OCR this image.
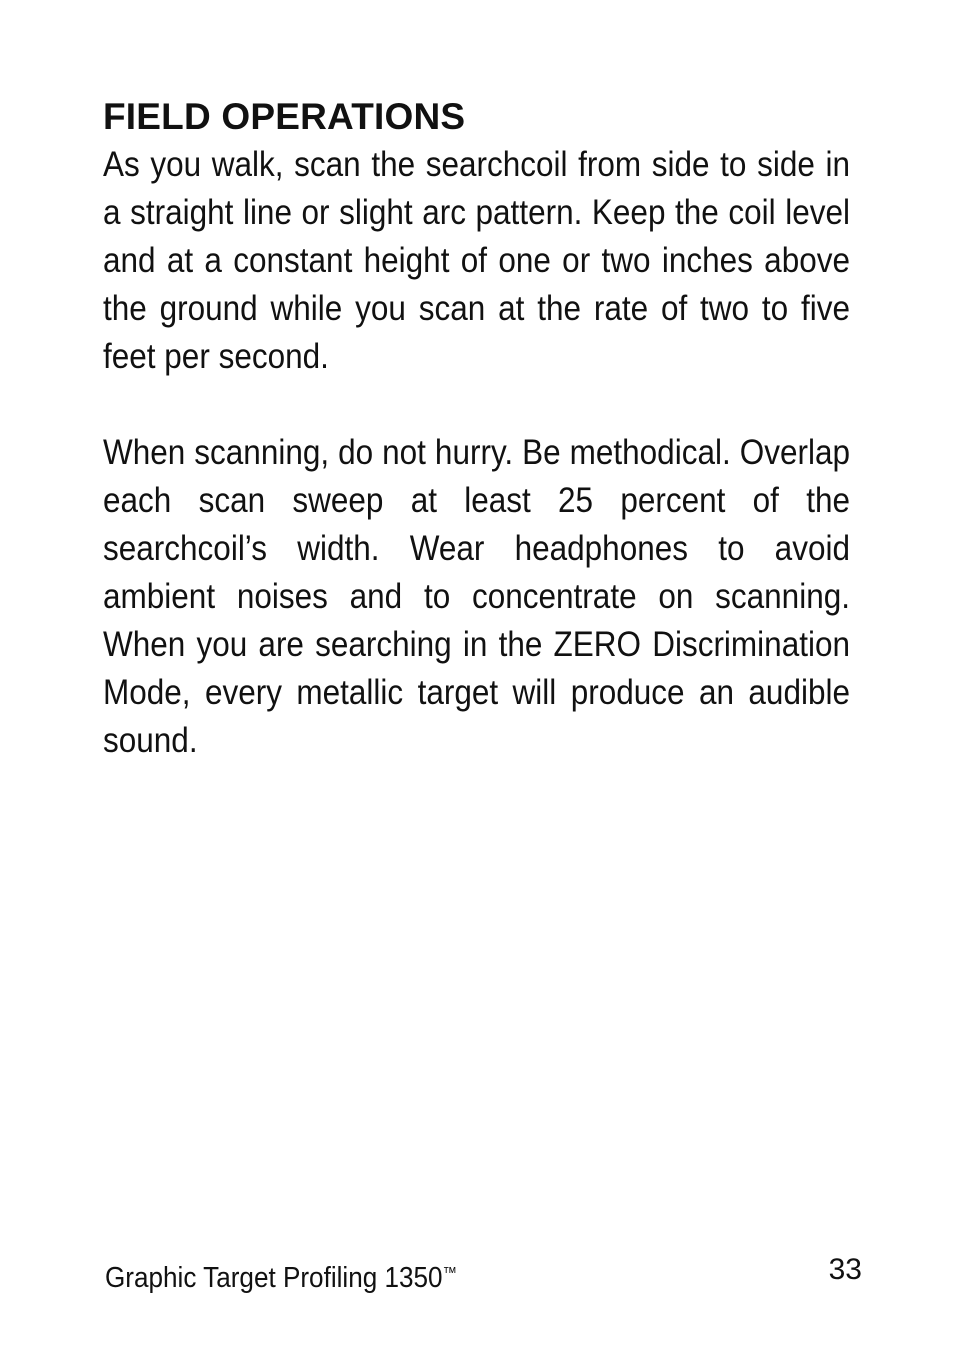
FIELD OPERATIONS

As you walk, scan the searchcoil from side to side in a straight line or slight arc pattern. Keep the coil level and at a constant height of one or two inches above the ground while you scan at the rate of two to five feet per second.

When scanning, do not hurry. Be methodical. Overlap each scan sweep at least 25 percent of the searchcoil’s width. Wear headphones to avoid ambient noises and to concentrate on scanning. When you are searching in the ZERO Discrimination Mode, every metallic target will produce an audible sound.

Graphic Target Profiling 1350™	33
